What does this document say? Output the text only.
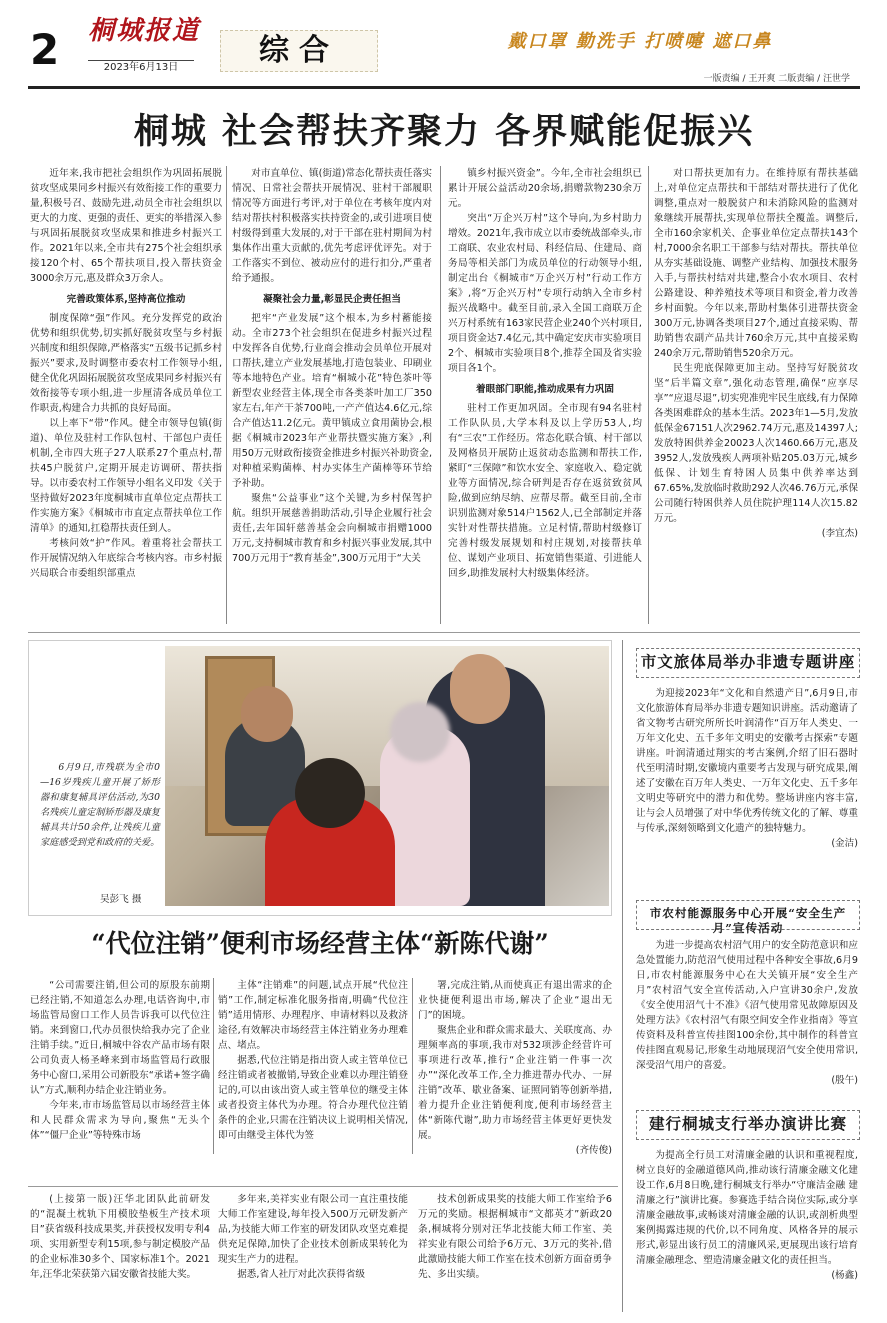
2 桐城报道
2023年6月13日	综合	戴口罩 勤洗手 打喷嚏 遮口鼻
一版责编 / 王开爽 二版责编 / 汪世学
桐城 社会帮扶齐聚力 各界赋能促振兴

近年来,我市把社会组织作为巩固拓展脱贫攻坚成果同乡村振兴有效衔接工作的重要力量,积极号召、鼓励先进,动员全市社会组织以更大的力度、更强的责任、更实的举措深入参与巩固拓展脱贫攻坚成果和推进乡村振兴工作。2021年以来,全市共有275个社会组织承接120个村、65个帮扶项目,投入帮扶资金3000余万元,惠及群众3万余人。

完善政策体系,坚持高位推动

制度保障“强”作风。充分发挥党的政治优势和组织优势,切实抓好脱贫攻坚与乡村振兴制度和组织保障,严格落实“五级书记抓乡村振兴”要求,及时调整市委农村工作领导小组,健全优化巩固拓展脱贫攻坚成果同乡村振兴有效衔接等专项小组,进一步厘清各成员单位工作职责,构建合力共抓的良好局面。

以上率下“带”作风。健全市领导包镇(街道)、单位及驻村工作队包村、干部包户责任机制,全市四大班子27人联系27个重点村,帮扶45户脱贫户,定期开展走访调研、帮扶指导。以市委农村工作领导小组名义印发《关于坚持做好2023年度桐城市直单位定点帮扶工作实施方案》《桐城市市直定点帮扶单位工作清单》的通知,扛稳帮扶责任到人。

考核问效“护”作风。着重将社会帮扶工作开展情况纳入年底综合考核内容。市乡村振兴局联合市委组织部重点

对市直单位、镇(街道)常态化帮扶责任落实情况、日常社会帮扶开展情况、驻村干部履职情况等方面进行考评,对于单位在考核年度内对结对帮扶村积极落实扶持资金的,或引进项目使村级得到重大发展的,对于干部在驻村期间为村集体作出重大贡献的,优先考虑评优评先。对于工作落实不到位、被动应付的进行扣分,严重者给予通报。

凝聚社会力量,彰显民企责任担当

把牢“产业发展”这个根本,为乡村蓄能接动。全市273个社会组织在促进乡村振兴过程中发挥各自优势,行业商会推动会员单位开展对口帮扶,建立产业发展基地,打造包装业、印刷业等本地特色产业。培育“桐城小花”特色茶叶等新型农业经营主体,现全市各类茶叶加工厂350家左右,年产干茶700吨,一产产值达4.6亿元,综合产值达11.2亿元。黄甲镇成立食用菌协会,根据《桐城市2023年产业帮扶暨实施方案》,利用50万元财政衔接资金推进乡村振兴补助资金,对种植采购菌棒、村办实体生产菌棒等环节给予补助。

聚焦“公益事业”这个关键,为乡村保驾护航。组织开展慈善捐助活动,引导企业履行社会责任,去年国轩慈善基金会向桐城市捐赠1000万元,支持桐城市教育和乡村振兴事业发展,其中700万元用于“教育基金”,300万元用于“大关

镇乡村振兴资金”。今年,全市社会组织已累计开展公益活动20余场,捐赠款物230余万元。

突出“万企兴万村”这个导向,为乡村助力增效。2021年,我市成立以市委统战部牵头,市工商联、农业农村局、科经信局、住建局、商务局等相关部门为成员单位的行动领导小组,制定出台《桐城市“万企兴万村”行动工作方案》,将“万企兴万村”专项行动纳入全市乡村振兴战略中。截至目前,录入全国工商联万企兴万村系统有163家民营企业240个兴村项目,项目资金达7.4亿元,其中确定安庆市实验项目2个、桐城市实验项目8个,推荐全国及省实验项目各1个。

着眼部门职能,推动成果有力巩固

驻村工作更加巩固。全市现有94名驻村工作队队员,大学本科及以上学历53人,均有“三农”工作经历。常态化联合镇、村干部以及网格员开展防止返贫动态监测和帮扶工作,紧盯“三保障”和饮水安全、家庭收入、稳定就业等方面情况,综合研判是否存在返贫致贫风险,做到应纳尽纳、应帮尽帮。截至目前,全市识别监测对象514户1562人,已全部制定并落实针对性帮扶措施。立足村情,帮助村级修订完善村级发展规划和村庄规划,对接帮扶单位、谋划产业项目、拓宽销售渠道、引进能人回乡,助推发展村大村级集体经济。

对口帮扶更加有力。在维持原有帮扶基础上,对单位定点帮扶和干部结对帮扶进行了优化调整,重点对一般脱贫户和未消除风险的监测对象继续开展帮扶,实现单位帮扶全覆盖。调整后,全市160余家机关、企事业单位定点帮扶143个村,7000余名职工干部参与结对帮扶。帮扶单位从夯实基础设施、调整产业结构、加强技术服务入手,与帮扶村结对共建,整合小农水项目、农村公路建设、种养殖技术等项目和资金,着力改善乡村面貌。今年以来,帮助村集体引进帮扶资金300万元,协调各类项目27个,通过直接采购、帮助销售农副产品共计760余万元,其中直接采购240余万元,帮助销售520余万元。

民生兜底保障更加主动。坚持写好脱贫攻坚“后半篇文章”,强化动态管理,确保“应享尽享”“应退尽退”,切实兜准兜牢民生底线,有力保障各类困难群众的基本生活。2023年1—5月,发放低保金67151人次2962.74万元,惠及14397人;发放特困供养金20023人次1460.66万元,惠及3952人,发放残疾人两项补贴205.03万元,城乡低保、计划生育特困人员集中供养率达到67.65%,发放临时救助292人次46.76万元,承保公司随行特困供养人员住院护理114人次15.82万元。

(李宜杰)

6月9日,市残联为全市0—16岁残疾儿童开展了矫形器和康复辅具评估活动,为30名残疾儿童定制矫形器及康复辅具共计50余件,让残疾儿童家庭感受到党和政府的关爱。
吴彭飞 摄
“代位注销”便利市场经营主体“新陈代谢”

“公司需要注销,但公司的原股东前期已经注销,不知道怎么办理,电话咨询中,市场监管局窗口工作人员告诉我可以代位注销。来到窗口,代办员很快给我办完了企业注销手续。”近日,桐城中谷农产品市场有限公司负责人杨圣峰来到市场监管局行政服务中心窗口,采用公司新股东“承诺+签字确认”方式,顺利办结企业注销业务。

今年来,市市场监管局以市场经营主体和人民群众需求为导向,聚焦“无头个体”“僵尸企业”等特殊市场

主体“注销难”的问题,试点开展“代位注销”工作,制定标准化服务指南,明确“代位注销”适用情形、办理程序、申请材料以及救济途径,有效解决市场经营主体注销业务办理难点、堵点。

据悉,代位注销是指出资人或主管单位已经注销或者被撤销,导致企业难以办理注销登记的,可以由该出资人或主管单位的继受主体或者投资主体代为办理。符合办理代位注销条件的企业,只需在注销决议上说明相关情况,即可由继受主体代为签

署,完成注销,从而使真正有退出需求的企业快捷便利退出市场,解决了企业“退出无门”的困境。

聚焦企业和群众需求最大、关联度高、办理频率高的事项,我市对532项涉企经营许可事项进行改革,推行“企业注销一件事一次办”“深化改革工作,全力推进帮办代办、一屏注销”改革、歇业备案、证照同销等创新举措,着力提升企业注销便利度,便利市场经营主体“新陈代谢”,助力市场经营主体更好更快发展。

(齐传俊)

(上接第一版)汪华北团队此前研发的“混凝土枕轨下用模胶垫板生产技术项目”获省级科技成果奖,并获授权发明专利4项、实用新型专利15项,参与制定模胶产品的企业标准30多个、国家标准1个。2021年,汪华北荣获第六届安徽省技能大奖。

多年来,美祥实业有限公司一直注重技能大师工作室建设,每年投入500万元研发新产品,为技能大师工作室的研发团队攻坚克难提供充足保障,加快了企业技术创新成果转化为现实生产力的进程。

据悉,省人社厅对此次获得省级

技术创新成果奖的技能大师工作室给予6万元的奖励。根据桐城市“文都英才”新政20条,桐城将分别对汪华北技能大师工作室、美祥实业有限公司给予6万元、3万元的奖补,借此激励技能大师工作室在技术创新方面奋勇争先、多出实绩。

市文旅体局举办非遗专题讲座

为迎接2023年“文化和自然遗产日”,6月9日,市文化旅游体育局举办非遗专题知识讲座。活动邀请了省文物考古研究所所长叶润清作“百万年人类史、一万年文化史、五千多年文明史的安徽考古探索”专题讲座。叶润清通过翔实的考古案例,介绍了旧石器时代至明清时期,安徽境内重要考古发现与研究成果,阐述了安徽在百万年人类史、一万年文化史、五千多年文明史等研究中的潜力和优势。整场讲座内容丰富,让与会人员增强了对中华优秀传统文化的了解、尊重与传承,深刻领略到文化遗产的独特魅力。

(金洁)

市农村能源服务中心开展“安全生产月”宣传活动

为进一步提高农村沼气用户的安全防范意识和应急处置能力,防范沼气使用过程中各种安全事故,6月9日,市农村能源服务中心在大关镇开展“安全生产月”农村沼气安全宣传活动,入户宣讲30余户,发放《安全使用沼气十不准》《沼气使用常见故障原因及处理方法》《农村沼气有限空间安全作业指南》等宣传资料及科普宣传挂图100余份,其中制作的科普宣传挂图直观易记,形象生动地展现沼气安全使用常识,深受沼气用户的喜爱。

(殷午)

建行桐城支行举办演讲比赛

为提高全行员工对清廉金融的认识和重视程度,树立良好的金融道德风尚,推动该行清廉金融文化建设工作,6月8日晚,建行桐城支行举办“守廉洁金融 建清廉之行”演讲比赛。参赛选手结合岗位实际,或分享清廉金融故事,或畅谈对清廉金融的认识,或剖析典型案例揭露违规的代价,以不同角度、风格各异的展示形式,彰显出该行员工的清廉风采,更展现出该行培育清廉金融理念、塑造清廉金融文化的责任担当。

(杨鑫)
